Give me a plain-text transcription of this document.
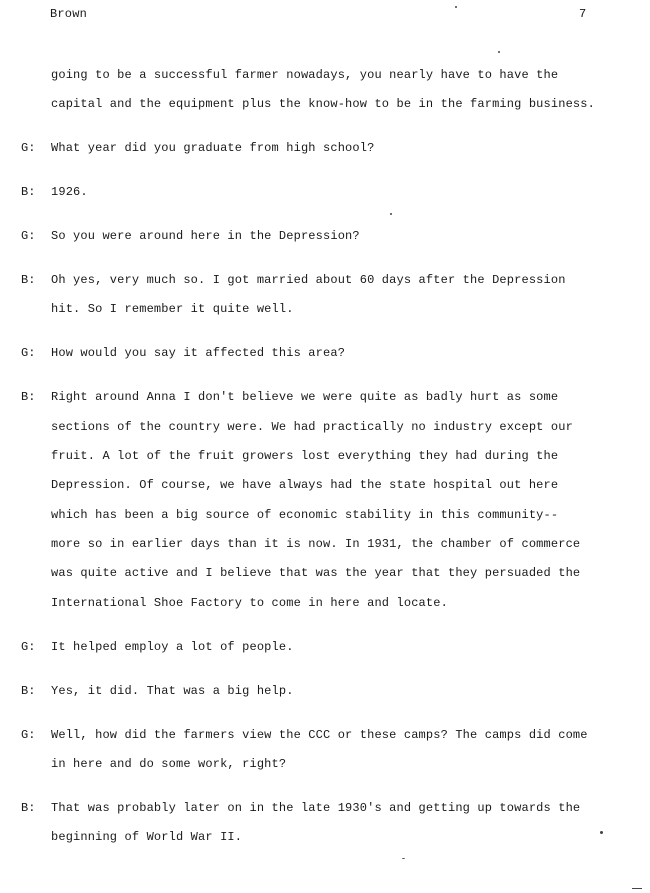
Brown	7
going to be a successful farmer nowadays, you nearly have to have the
capital and the equipment plus the know-how to be in the farming business.
G: What year did you graduate from high school?
B: 1926.
G: So you were around here in the Depression?
B: Oh yes, very much so. I got married about 60 days after the Depression
hit. So I remember it quite well.
G: How would you say it affected this area?
B: Right around Anna I don't believe we were quite as badly hurt as some
sections of the country were. We had practically no industry except our
fruit. A lot of the fruit growers lost everything they had during the
Depression. Of course, we have always had the state hospital out here
which has been a big source of economic stability in this community--
more so in earlier days than it is now. In 1931, the chamber of commerce
was quite active and I believe that was the year that they persuaded the
International Shoe Factory to come in here and locate.
G: It helped employ a lot of people.
B: Yes, it did. That was a big help.
G: Well, how did the farmers view the CCC or these camps? The camps did come
in here and do some work, right?
B: That was probably later on in the late 1930's and getting up towards the
beginning of World War II.
